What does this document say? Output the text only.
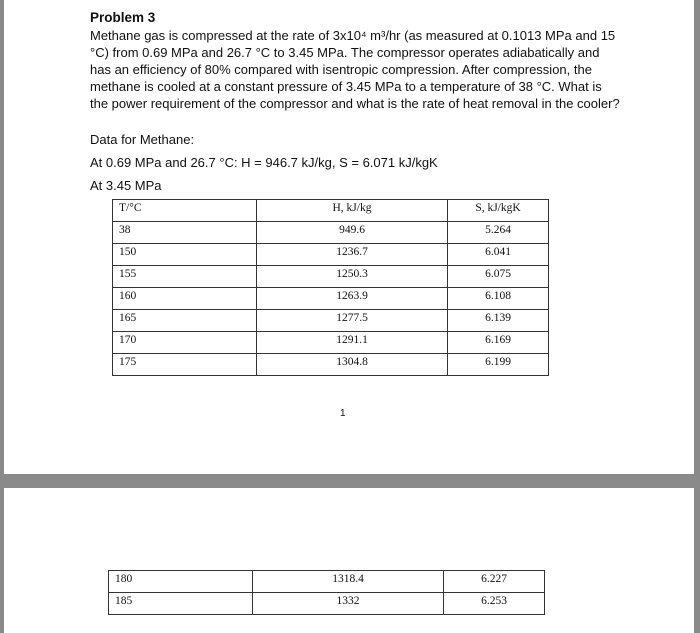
Problem 3
Methane gas is compressed at the rate of 3x10⁴ m³/hr (as measured at 0.1013 MPa and 15 °C) from 0.69 MPa and 26.7 °C to 3.45 MPa. The compressor operates adiabatically and has an efficiency of 80% compared with isentropic compression. After compression, the methane is cooled at a constant pressure of 3.45 MPa to a temperature of 38 °C. What is the power requirement of the compressor and what is the rate of heat removal in the cooler?
Data for Methane:
At 0.69 MPa and 26.7 °C: H = 946.7 kJ/kg, S = 6.071 kJ/kgK
At 3.45 MPa
T/°C	H, kJ/kg	S, kJ/kgK
38	949.6	5.264
150	1236.7	6.041
155	1250.3	6.075
160	1263.9	6.108
165	1277.5	6.139
170	1291.1	6.169
175	1304.8	6.199
1
180	1318.4	6.227
185	1332	6.253
